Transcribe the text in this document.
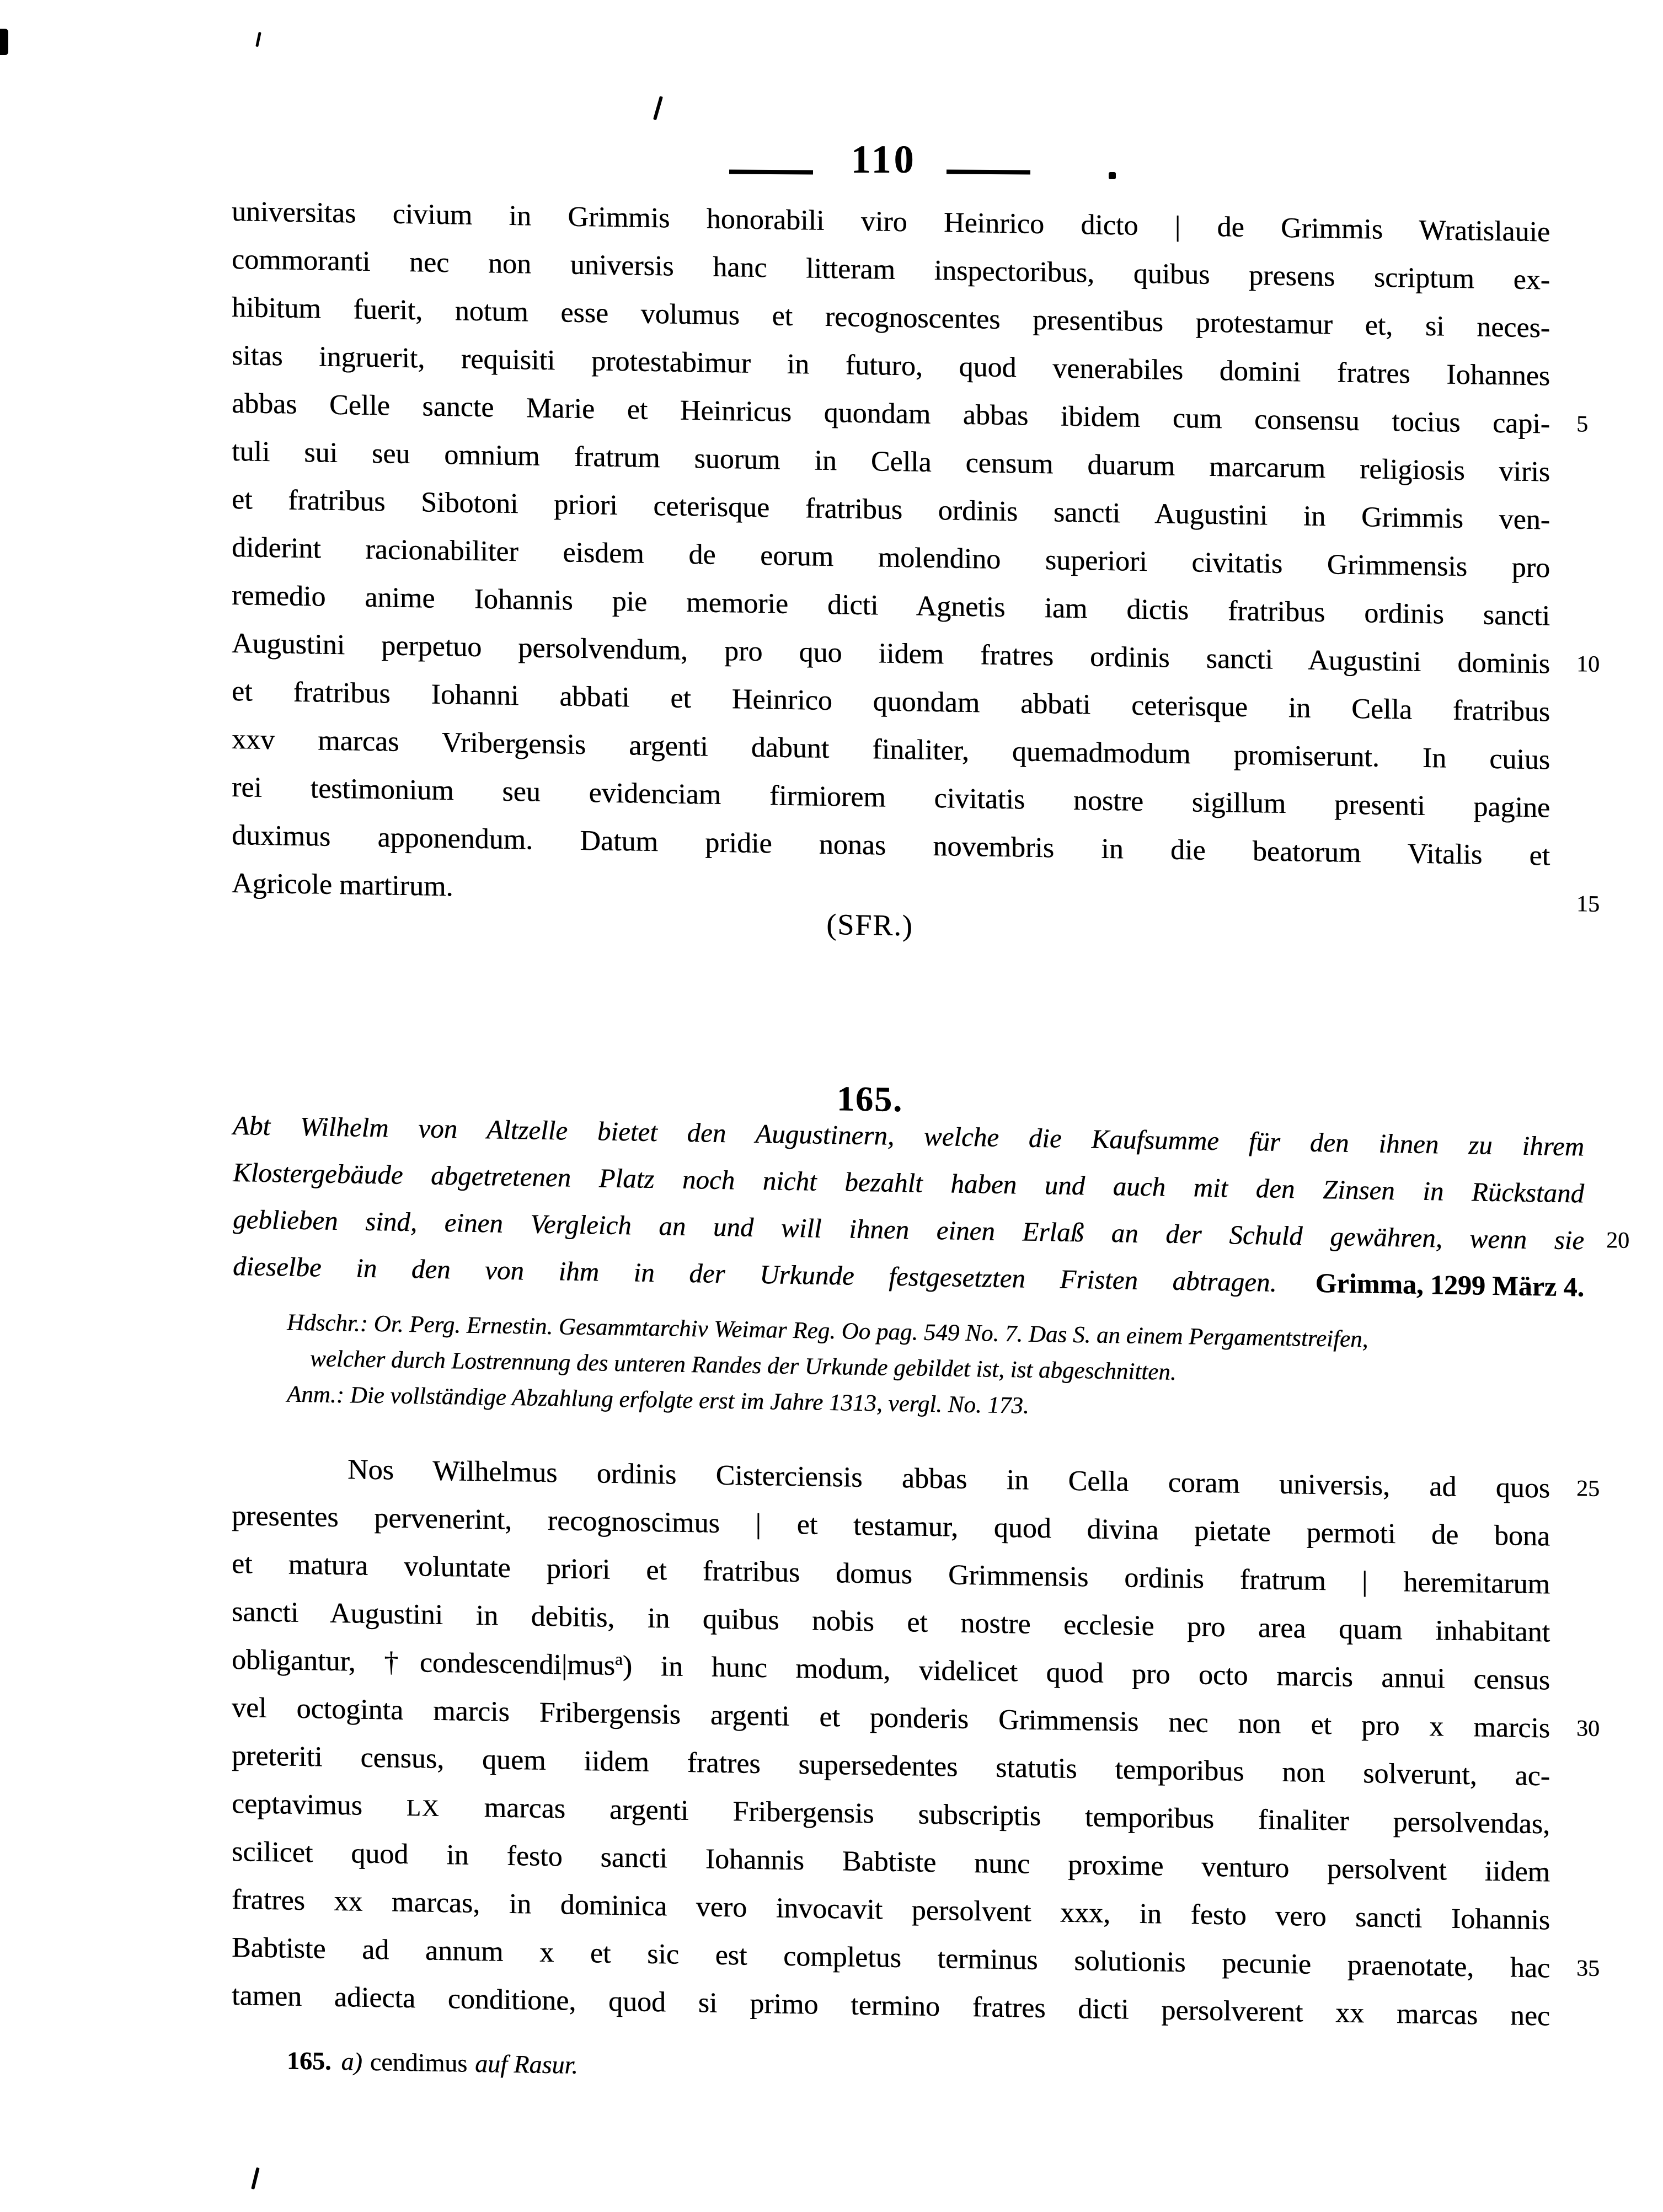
110
universitas civium in Grimmis honorabili viro Heinrico dicto | de Grimmis Wratislauie
commoranti nec non universis hanc litteram inspectoribus, quibus presens scriptum ex-
hibitum fuerit, notum esse volumus et recognoscentes presentibus protestamur et, si neces-
sitas ingruerit, requisiti protestabimur in futuro, quod venerabiles domini fratres Iohannes
abbas Celle sancte Marie et Heinricus quondam abbas ibidem cum consensu tocius capi-
tuli sui seu omnium fratrum suorum in Cella censum duarum marcarum religiosis viris
et fratribus Sibotoni priori ceterisque fratribus ordinis sancti Augustini in Grimmis ven-
diderint racionabiliter eisdem de eorum molendino superiori civitatis Grimmensis pro
remedio anime Iohannis pie memorie dicti Agnetis iam dictis fratribus ordinis sancti
Augustini perpetuo persolvendum, pro quo iidem fratres ordinis sancti Augustini dominis
et fratribus Iohanni abbati et Heinrico quondam abbati ceterisque in Cella fratribus
xxv marcas Vribergensis argenti dabunt finaliter, quemadmodum promiserunt. In cuius
rei testimonium seu evidenciam firmiorem civitatis nostre sigillum presenti pagine
duximus apponendum. Datum pridie nonas novembris in die beatorum Vitalis et
Agricole martirum.
(SFR.)
165.
Abt Wilhelm von Altzelle bietet den Augustinern, welche die Kaufsumme für den ihnen zu ihrem
Klostergebäude abgetretenen Platz noch nicht bezahlt haben und auch mit den Zinsen in Rückstand
geblieben sind, einen Vergleich an und will ihnen einen Erlaß an der Schuld gewähren, wenn sie
dieselbe in den von ihm in der Urkunde festgesetzten Fristen abtragen. Grimma, 1299 März 4.
Hdschr.: Or. Perg. Ernestin. Gesammtarchiv Weimar Reg. Oo pag. 549 No. 7. Das S. an einem Pergamentstreifen,
welcher durch Lostrennung des unteren Randes der Urkunde gebildet ist, ist abgeschnitten.
Anm.: Die vollständige Abzahlung erfolgte erst im Jahre 1313, vergl. No. 173.
Nos Wilhelmus ordinis Cisterciensis abbas in Cella coram universis, ad quos
presentes pervenerint, recognoscimus | et testamur, quod divina pietate permoti de bona
et matura voluntate priori et fratribus domus Grimmensis ordinis fratrum | heremitarum
sancti Augustini in debitis, in quibus nobis et nostre ecclesie pro area quam inhabitant
obligantur, †condescendi|mus$^a$) in hunc modum, videlicet quod pro octo marcis annui census
vel octoginta marcis Fribergensis argenti et ponderis Grimmensis nec non et pro x marcis
preteriti census, quem iidem fratres supersedentes statutis temporibus non solverunt, ac-
ceptavimus LX marcas argenti Fribergensis subscriptis temporibus finaliter persolvendas,
scilicet quod in festo sancti Iohannis Babtiste nunc proxime venturo persolvent iidem
fratres xx marcas, in dominica vero invocavit persolvent xxx, in festo vero sancti Iohannis
Babtiste ad annum x et sic est completus terminus solutionis pecunie praenotate, hac
tamen adiecta conditione, quod si primo termino fratres dicti persolverent xx marcas nec
165. a) cendimus auf Rasur.
5
10
15
20
25
30
35
